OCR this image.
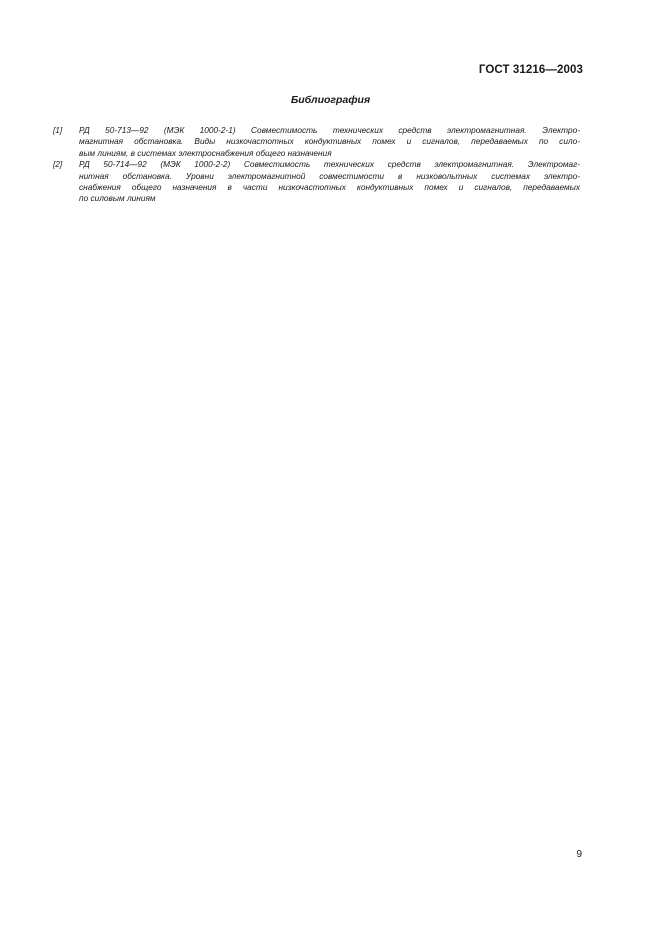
ГОСТ 31216—2003
Библиография
[1] РД 50-713—92 (МЭК 1000-2-1) Совместимость технических средств электромагнитная. Электро-
магнитная обстановка. Виды низкочастотных кондуктивных помех и сигналов, передаваемых по сило-
вым линиям, в системах электроснабжения общего назначения
[2] РД 50-714—92 (МЭК 1000-2-2) Совместимость технических средств электромагнитная. Электромаг-
нитная обстановка. Уровни электромагнитной совместимости в низковольтных системах электро-
снабжения общего назначения в части низкочастотных кондуктивных помех и сигналов, передаваемых
по силовым линиям
9
